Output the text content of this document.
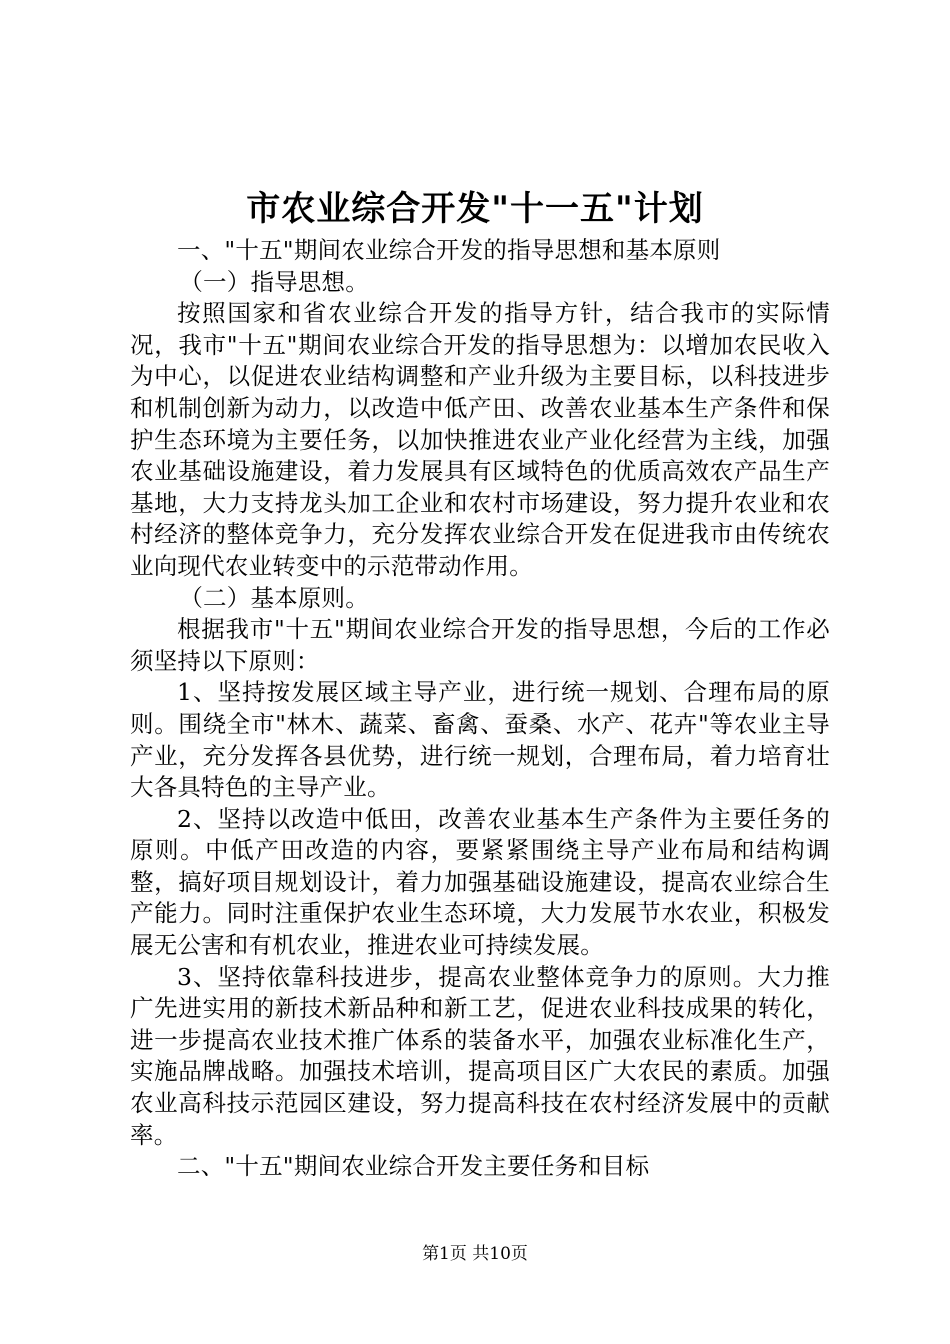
市农业综合开发"十一五"计划

一、"十五"期间农业综合开发的指导思想和基本原则

（一）指导思想。

按照国家和省农业综合开发的指导方针，结合我市的实际情况，我市"十五"期间农业综合开发的指导思想为：以增加农民收入为中心，以促进农业结构调整和产业升级为主要目标，以科技进步和机制创新为动力，以改造中低产田、改善农业基本生产条件和保护生态环境为主要任务，以加快推进农业产业化经营为主线，加强农业基础设施建设，着力发展具有区域特色的优质高效农产品生产基地，大力支持龙头加工企业和农村市场建设，努力提升农业和农村经济的整体竞争力，充分发挥农业综合开发在促进我市由传统农业向现代农业转变中的示范带动作用。

（二）基本原则。

根据我市"十五"期间农业综合开发的指导思想，今后的工作必须坚持以下原则：

1、坚持按发展区域主导产业，进行统一规划、合理布局的原则。围绕全市"林木、蔬菜、畜禽、蚕桑、水产、花卉"等农业主导产业，充分发挥各县优势，进行统一规划，合理布局，着力培育壮大各具特色的主导产业。

2、坚持以改造中低田，改善农业基本生产条件为主要任务的原则。中低产田改造的内容，要紧紧围绕主导产业布局和结构调整，搞好项目规划设计，着力加强基础设施建设，提高农业综合生产能力。同时注重保护农业生态环境，大力发展节水农业，积极发展无公害和有机农业，推进农业可持续发展。

3、坚持依靠科技进步，提高农业整体竞争力的原则。大力推广先进实用的新技术新品种和新工艺，促进农业科技成果的转化，进一步提高农业技术推广体系的装备水平，加强农业标准化生产，实施品牌战略。加强技术培训，提高项目区广大农民的素质。加强农业高科技示范园区建设，努力提高科技在农村经济发展中的贡献率。

二、"十五"期间农业综合开发主要任务和目标

第1页 共10页
